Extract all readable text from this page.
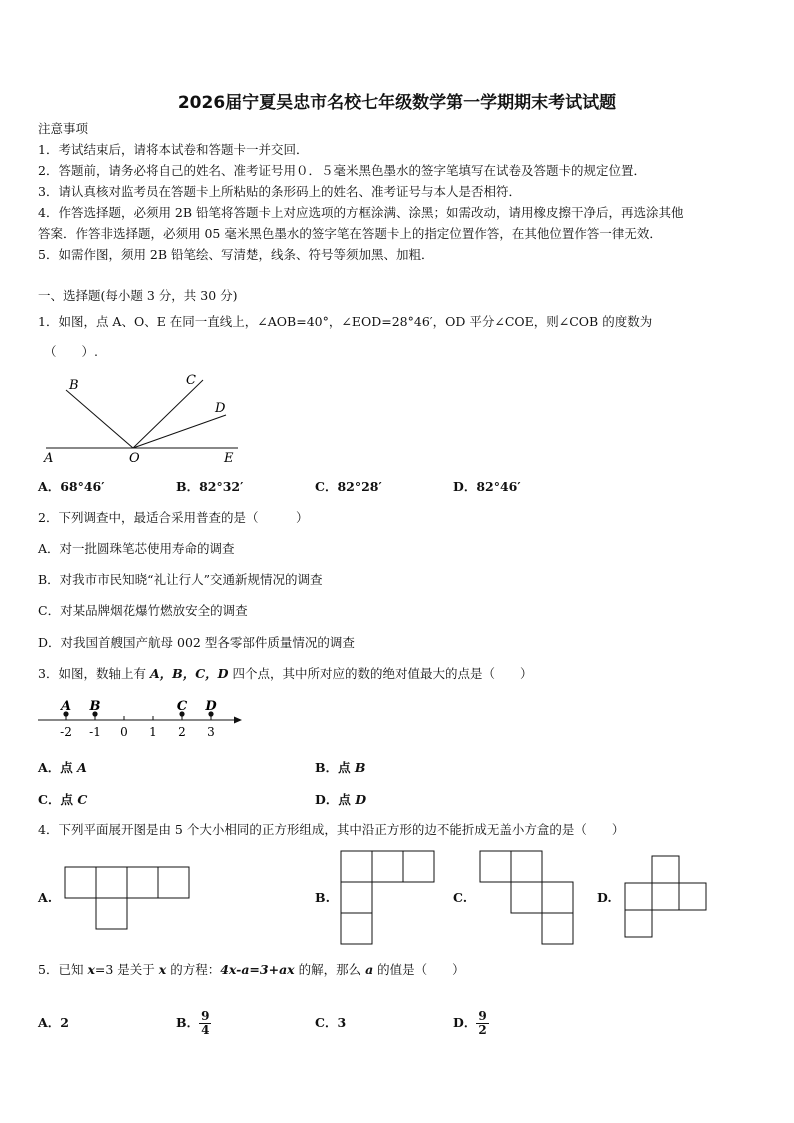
2026届宁夏吴忠市名校七年级数学第一学期期末考试试题
注意事项
1．考试结束后，请将本试卷和答题卡一并交回．
2．答题前，请务必将自己的姓名、准考证号用０．５毫米黑色墨水的签字笔填写在试卷及答题卡的规定位置．
3．请认真核对监考员在答题卡上所粘贴的条形码上的姓名、准考证号与本人是否相符．
4．作答选择题，必须用 2B 铅笔将答题卡上对应选项的方框涂满、涂黑；如需改动，请用橡皮擦干净后，再选涂其他
答案．作答非选择题，必须用 05 毫米黑色墨水的签字笔在答题卡上的指定位置作答，在其他位置作答一律无效．
5．如需作图，须用 2B 铅笔绘、写清楚，线条、符号等须加黑、加粗．
一、选择题(每小题 3 分，共 30 分)
1．如图，点 A、O、E 在同一直线上，∠AOB=40°，∠EOD=28°46′，OD 平分∠COE，则∠COB 的度数为
（　　）.
B	C
D
A	O	E
A．68°46′	B．82°32′	C．82°28′	D．82°46′
2．下列调查中，最适合采用普查的是（　　　）
A．对一批圆珠笔芯使用寿命的调查
B．对我市市民知晓“礼让行人”交通新规情况的调查
C．对某品牌烟花爆竹燃放安全的调查
D．对我国首艘国产航母 002 型各零部件质量情况的调查
3．如图，数轴上有 A，B，C，D 四个点，其中所对应的数的绝对值最大的点是（　　）
-2 -1 0 1 2 3
A B	C D
A．点 A	B．点 B
C．点 C	D．点 D
4．下列平面展开图是由 5 个大小相同的正方形组成，其中沿正方形的边不能折成无盖小方盒的是（　　）
A.	B.	C.	D.
5．已知 x=3 是关于 x 的方程：4x-a=3+ax 的解，那么 a 的值是（　　）
A．2	B． $\frac{9}{4}$	C．3	D． $\frac{9}{2}$
